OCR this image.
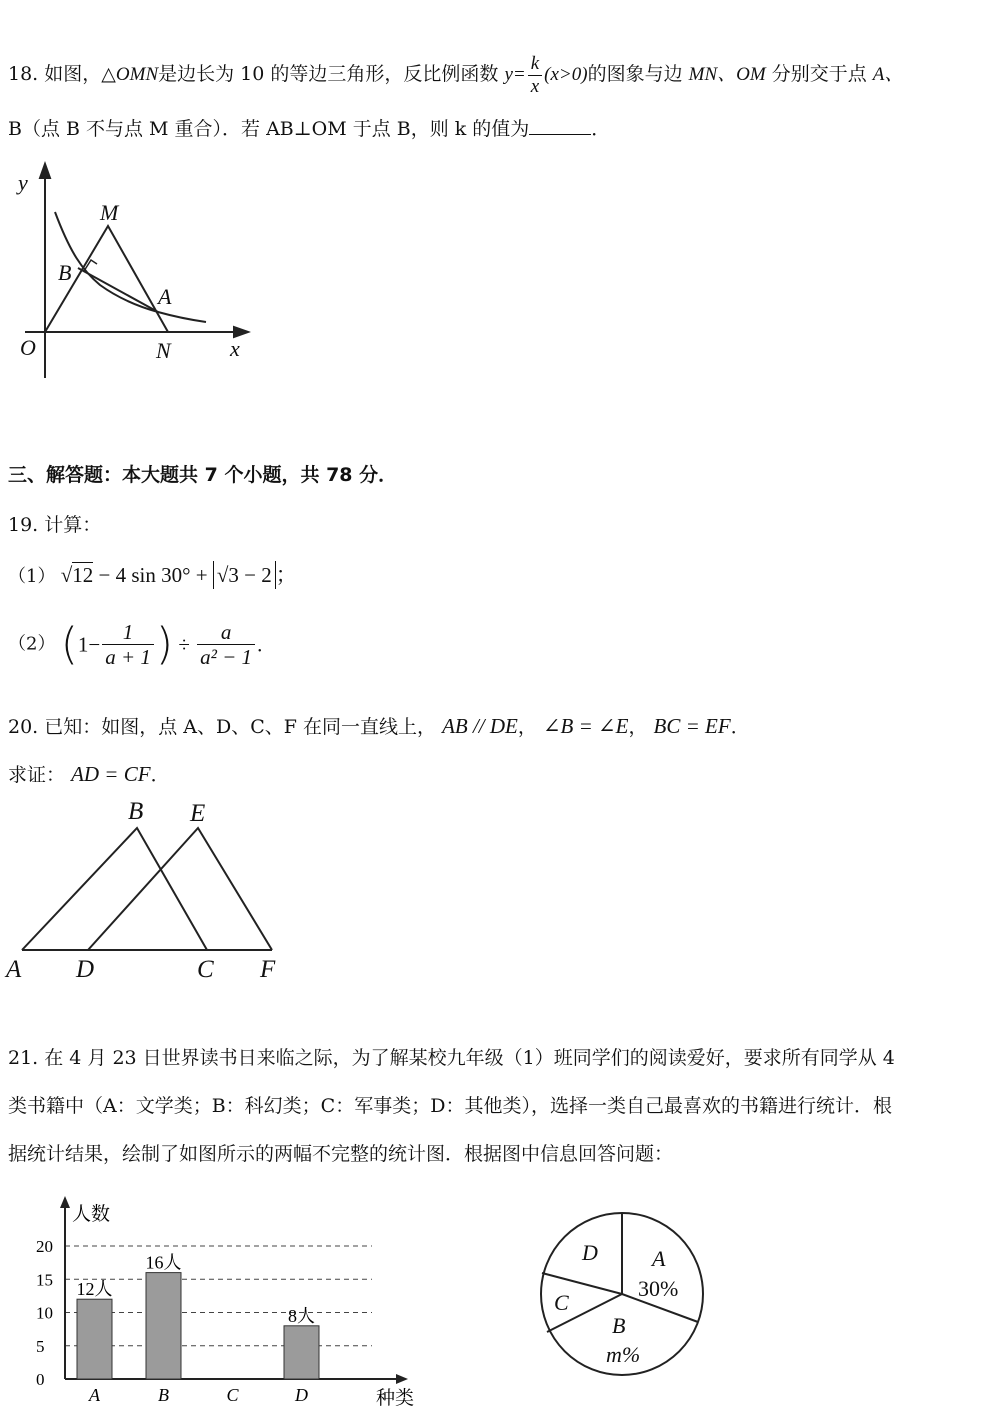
18. 如图，△OMN是边长为 10 的等边三角形，反比例函数 $y= \frac{k}{x} (x>0)$的图象与边 MN、OM 分别交于点 A、
B（点 B 不与点 M 重合）．若 AB⊥OM 于点 B，则 k 的值为	．
y
x
O
M
N
A
B
三、解答题：本大题共 7 个小题，共 78 分．
19. 计算：
（1） √12 − 4 sin 30° + √3 − 2 ；
（2） ($1- \frac{1}{a + 1}$ ) ÷ $\frac{a}{\text{a² − 1}}$ .
20. 已知：如图，点 A、D、C、F 在同一直线上， AB // DE， ∠B = ∠E， BC = EF．
求证： AD = CF．
B E
A D	C F
21. 在 4 月 23 日世界读书日来临之际，为了解某校九年级（1）班同学们的阅读爱好，要求所有同学从 4
类书籍中（A：文学类；B：科幻类；C：军事类；D：其他类），选择一类自己最喜欢的书籍进行统计．根
据统计结果，绘制了如图所示的两幅不完整的统计图．根据图中信息回答问题：
0
5
10
15
20
12人
A
16人
B	C
8人
D
人数
种类
A
30%
B
m%
C
D
